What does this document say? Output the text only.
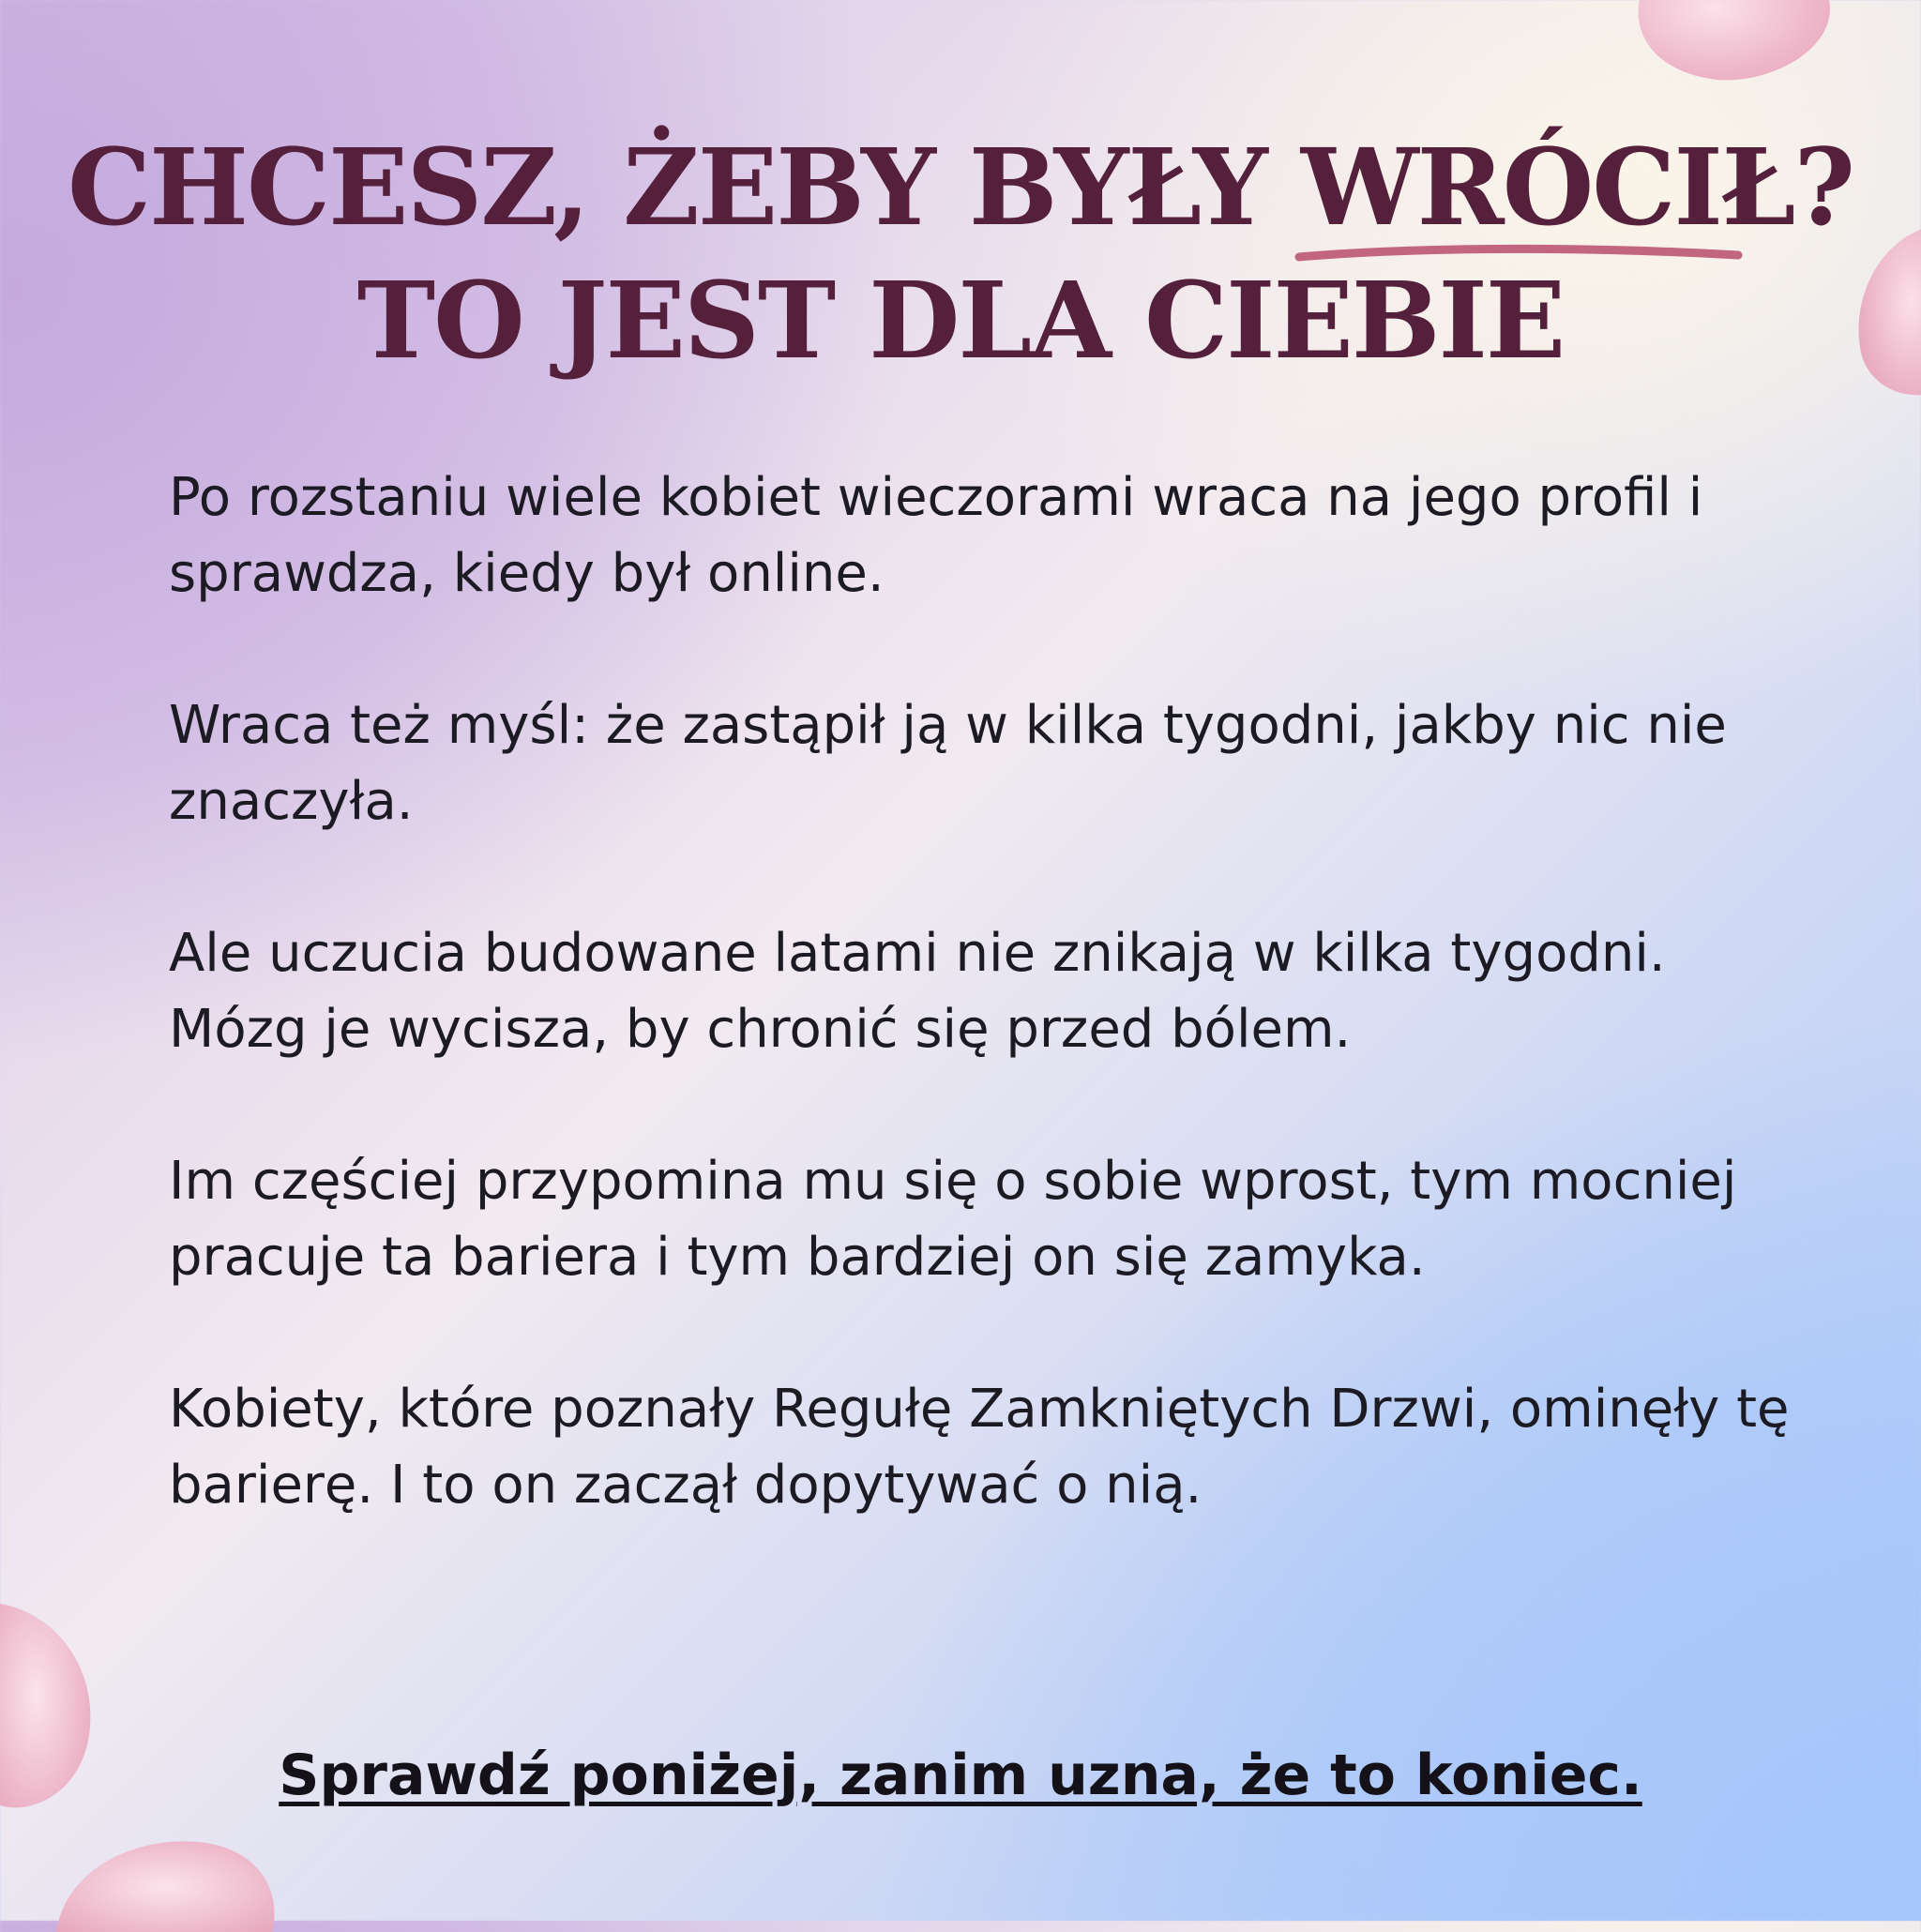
CHCESZ, ŻEBY BYŁY WRÓCIŁ
?
TO JEST DLA CIEBIE

Po rozstaniu wiele kobiet wieczorami wraca na jego profil i sprawdza, kiedy był online.

Wraca też myśl: że zastąpił ją w kilka tygodni, jakby nic nie znaczyła.

Ale uczucia budowane latami nie znikają w kilka tygodni. Mózg je wycisza, by chronić się przed bólem.

Im częściej przypomina mu się o sobie wprost, tym mocniej pracuje ta bariera i tym bardziej on się zamyka.

Kobiety, które poznały Regułę Zamkniętych Drzwi, ominęły tę barierę. I to on zaczął dopytywać o nią.

Sprawdź poniżej, zanim uzna, że to koniec.
